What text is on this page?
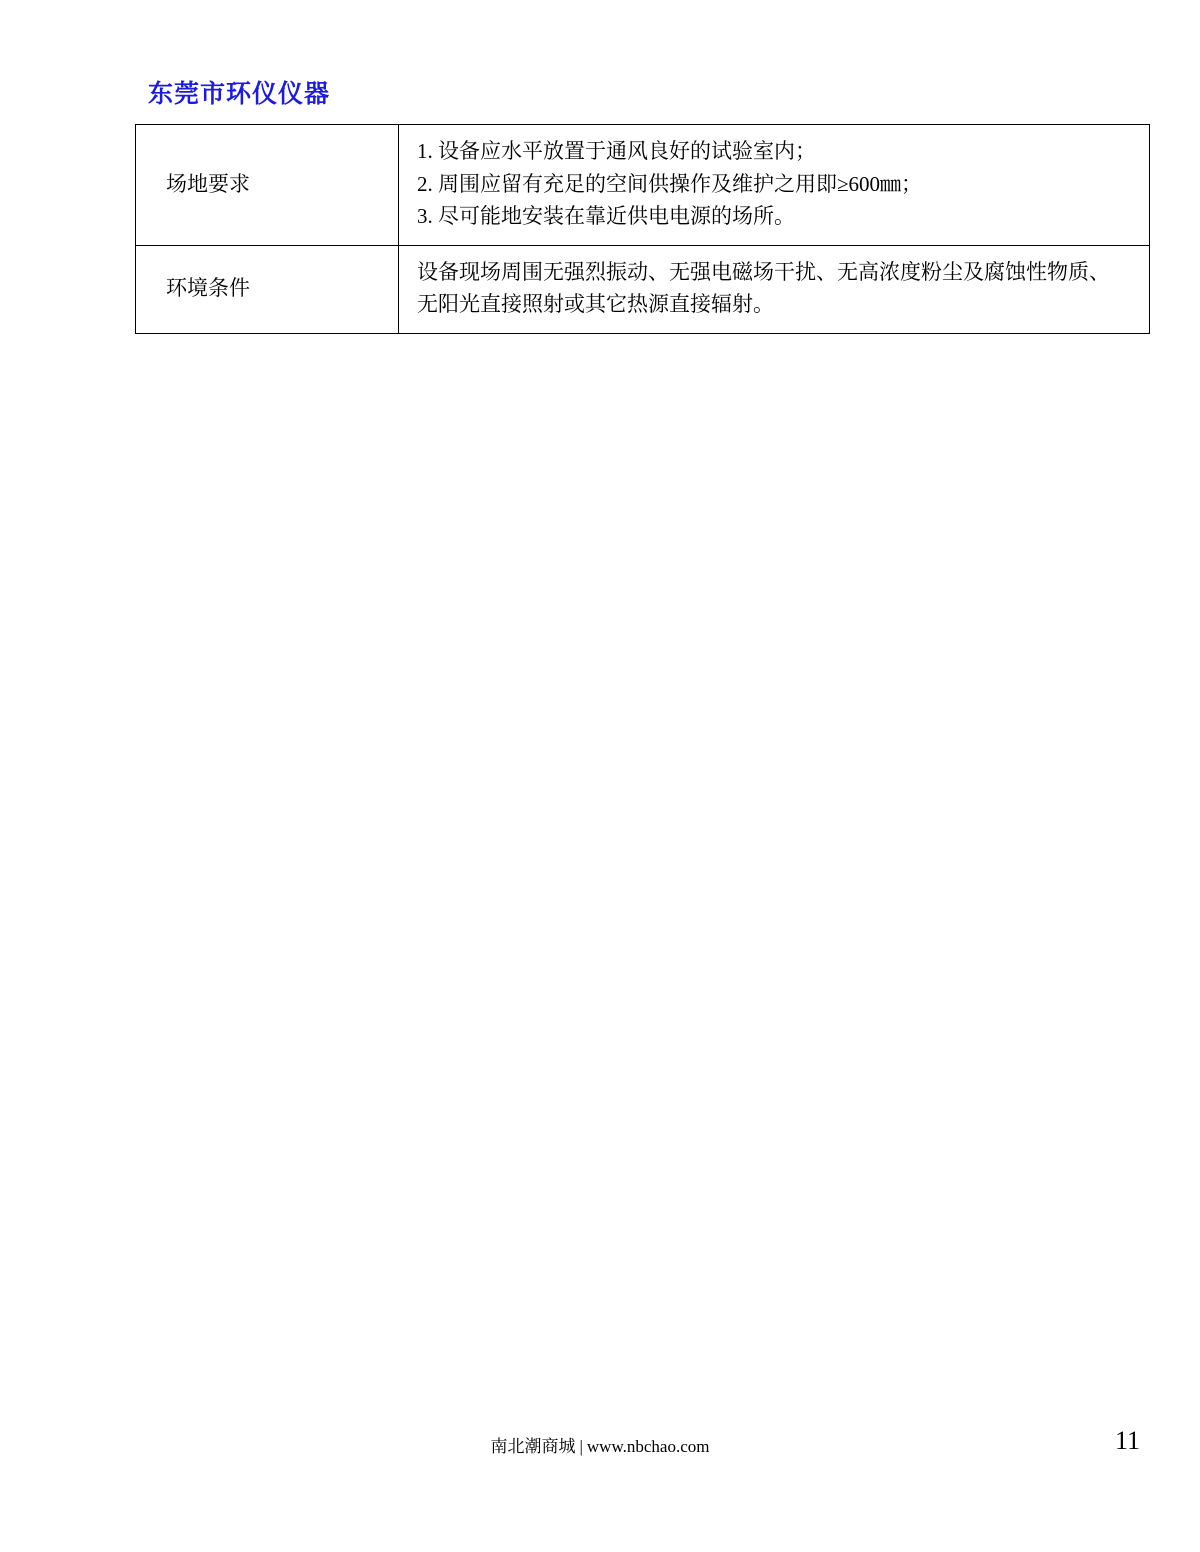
东莞市环仪仪器
场地要求	1. 设备应水平放置于通风良好的试验室内；
2. 周围应留有充足的空间供操作及维护之用即≥600㎜；
3. 尽可能地安装在靠近供电电源的场所。

环境条件	设备现场周围无强烈振动、无强电磁场干扰、无高浓度粉尘及腐蚀性物质、
无阳光直接照射或其它热源直接辐射。
南北潮商城 | www.nbchao.com	11
